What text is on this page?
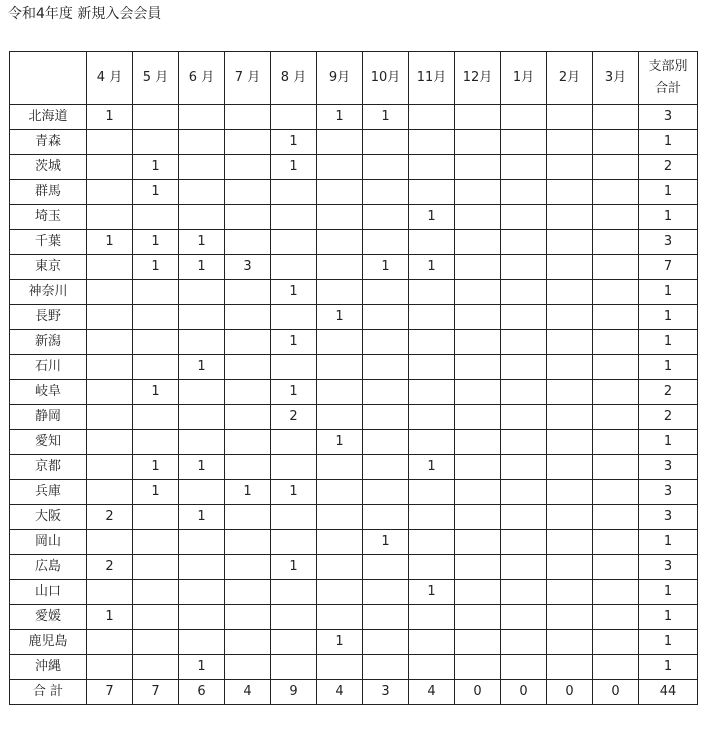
令和4年度 新規入会会員
	4 月	5 月	6 月	7 月	8 月	9月	10月	11月	12月	1月	2月	3月	支部別
合計
北海道	1					1	1						3
青森					1								1
茨城		1			1								2
群馬		1											1
埼玉								1					1
千葉	1	1	1										3
東京		1	1	3			1	1					7
神奈川					1								1
長野						1							1
新潟					1								1
石川			1										1
岐阜		1			1								2
静岡					2								2
愛知						1							1
京都		1	1					1					3
兵庫		1		1	1								3
大阪	2		1										3
岡山							1						1
広島	2				1								3
山口								1					1
愛媛	1												1
鹿児島						1							1
沖縄			1										1
合 計	7	7	6	4	9	4	3	4	0	0	0	0	44
